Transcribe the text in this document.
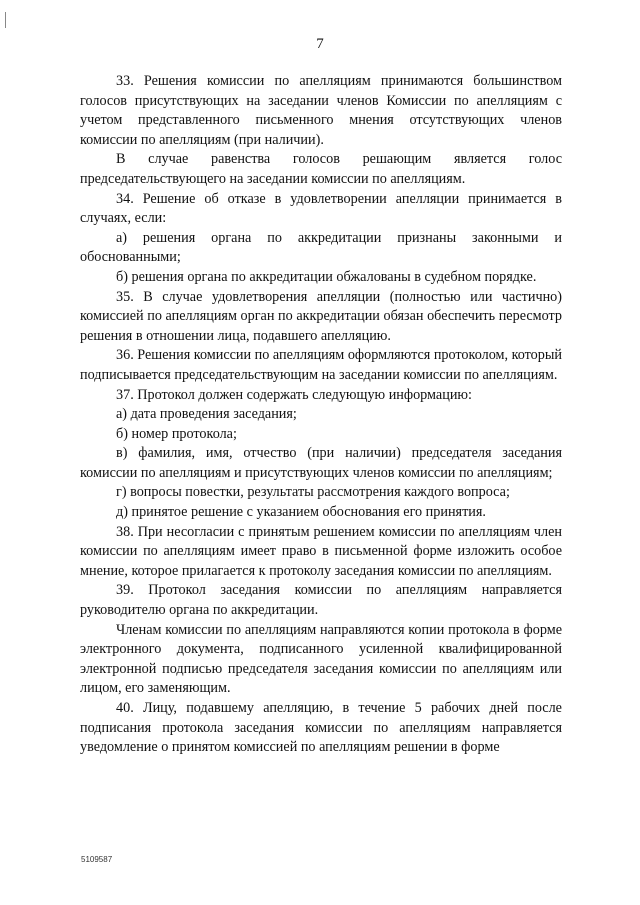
7

33. Решения комиссии по апелляциям принимаются большинством голосов присутствующих на заседании членов Комиссии по апелляциям с учетом представленного письменного мнения отсутствующих членов комиссии по апелляциям (при наличии).

В случае равенства голосов решающим является голос председательствующего на заседании комиссии по апелляциям.

34. Решение об отказе в удовлетворении апелляции принимается в случаях, если:

а) решения органа по аккредитации признаны законными и обоснованными;

б) решения органа по аккредитации обжалованы в судебном порядке.

35. В случае удовлетворения апелляции (полностью или частично) комиссией по апелляциям орган по аккредитации обязан обеспечить пересмотр решения в отношении лица, подавшего апелляцию.

36. Решения комиссии по апелляциям оформляются протоколом, который подписывается председательствующим на заседании комиссии по апелляциям.

37. Протокол должен содержать следующую информацию:

а) дата проведения заседания;

б) номер протокола;

в) фамилия, имя, отчество (при наличии) председателя заседания комиссии по апелляциям и присутствующих членов комиссии по апелляциям;

г) вопросы повестки, результаты рассмотрения каждого вопроса;

д) принятое решение с указанием обоснования его принятия.

38. При несогласии с принятым решением комиссии по апелляциям член комиссии по апелляциям имеет право в письменной форме изложить особое мнение, которое прилагается к протоколу заседания комиссии по апелляциям.

39. Протокол заседания комиссии по апелляциям направляется руководителю органа по аккредитации.

Членам комиссии по апелляциям направляются копии протокола в форме электронного документа, подписанного усиленной квалифицированной электронной подписью председателя заседания комиссии по апелляциям или лицом, его заменяющим.

40. Лицу, подавшему апелляцию, в течение 5 рабочих дней после подписания протокола заседания комиссии по апелляциям направляется уведомление о принятом комиссией по апелляциям решении в форме

5109587
